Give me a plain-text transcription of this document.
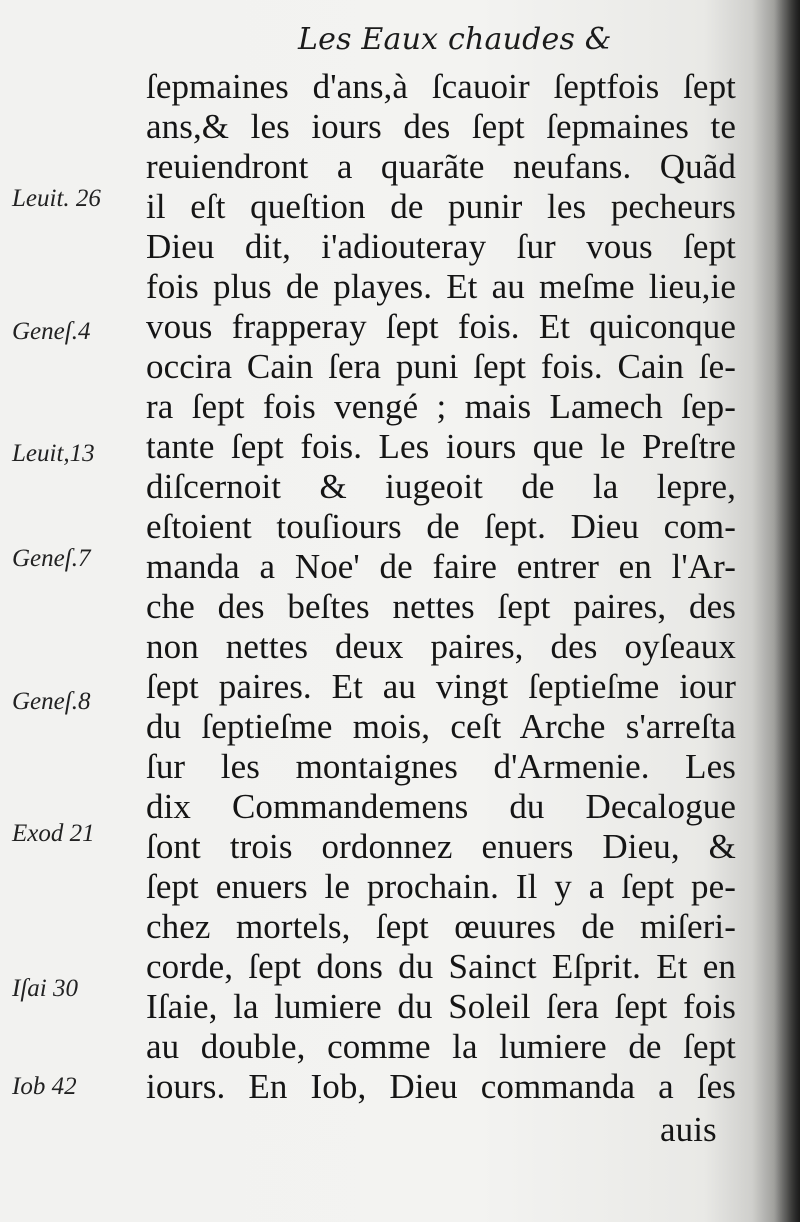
Les Eaux chaudes &
ſepmaines d'ans,à ſcauoir ſeptfois ſept
ans,& les iours des ſept ſepmaines te
reuiendront a quarãte neufans. Quãd
il eſt queſtion de punir les pecheurs
Dieu dit, i'adiouteray ſur vous ſept
fois plus de playes. Et au meſme lieu,ie
vous frapperay ſept fois. Et quiconque
occira Cain ſera puni ſept fois. Cain ſe-
ra ſept fois vengé ; mais Lamech ſep-
tante ſept fois. Les iours que le Preſtre
diſcernoit & iugeoit de la lepre,
eſtoient touſiours de ſept. Dieu com-
manda a Noe' de faire entrer en l'Ar-
che des beſtes nettes ſept paires, des
non nettes deux paires, des oyſeaux
ſept paires. Et au vingt ſeptieſme iour
du ſeptieſme mois, ceſt Arche s'arreſta
ſur les montaignes d'Armenie. Les
dix Commandemens du Decalogue
ſont trois ordonnez enuers Dieu, &
ſept enuers le prochain. Il y a ſept pe-
chez mortels, ſept œuures de miſeri-
corde, ſept dons du Sainct Eſprit. Et en
Iſaie, la lumiere du Soleil ſera ſept fois
au double, comme la lumiere de ſept
iours. En Iob, Dieu commanda a ſes
auis
Leuit. 26
Geneſ.4
Leuit,13
Geneſ.7
Geneſ.8
Exod 21
Iſai 30
Iob 42
